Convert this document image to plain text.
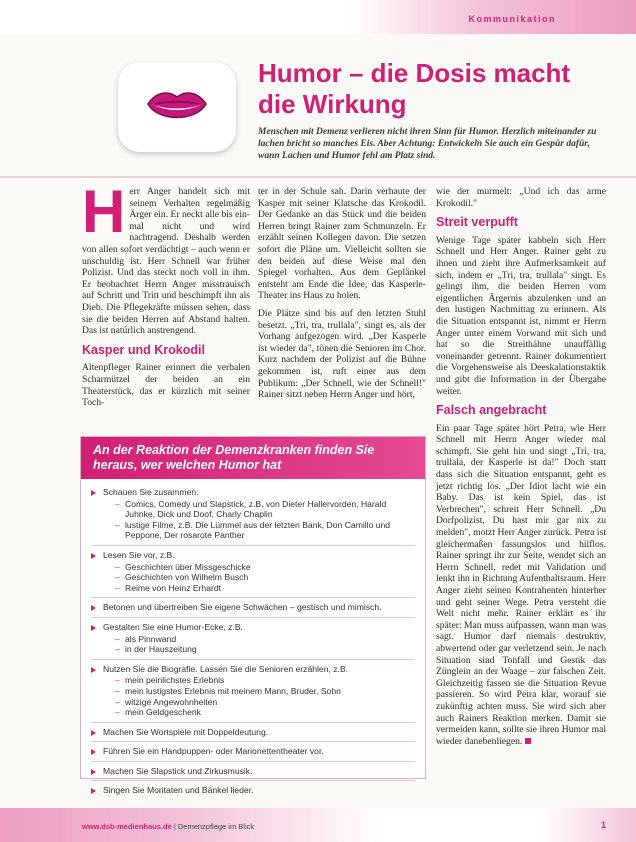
Kommunikation
Humor – die Dosis macht die Wirkung
Menschen mit Demenz verlieren nicht ihren Sinn für Humor. Herzlich miteinander zu lachen bricht so manches Eis. Aber Achtung: Entwickeln Sie auch ein Gespür dafür, wann Lachen und Humor fehl am Platz sind.

Herr Anger handelt sich mit seinem Verhalten regelmäßig Ärger ein. Er neckt alle bis ein- mal nicht und wird nachtragend. Deshalb werden von allen sofort verdächtigt – auch wenn er unschuldig ist. Herr Schnell war früher Polizist. Und das steckt noch voll in ihm. Er beobachtet Herrn Anger misstrauisch auf Schritt und Tritt und beschimpft ihn als Dieb. Die Pflegekräfte müssen sehen, dass sie die beiden Herren auf Abstand halten. Das ist natürlich anstrengend.

Kasper und Krokodil

Altenpfleger Rainer erinnert die verbalen Scharmützel der beiden an ein Theaterstück, das er kürzlich mit seiner Toch-

ter in der Schule sah. Darin verhaute der Kasper mit seiner Klatsche das Krokodil. Der Gedanke an das Stück und die beiden Herren bringt Rainer zum Schmunzeln. Er erzählt seinen Kollegen davon. Die setzen sofort die Pläne um. Vielleicht sollten sie den beiden auf diese Weise mal den Spiegel vorhalten. Aus dem Geplänkel entsteht am Ende die Idee, das Kasperle-Theater ins Haus zu holen.

Die Plätze sind bis auf den letzten Stuhl besetzt. „Tri, tra, trullala", singt es, als der Vorhang aufgezogen wird. „Der Kasperle ist wieder da", tönen die Senioren im Chor. Kurz nachdem der Polizist auf die Bühne gekommen ist, ruft einer aus dem Publikum: „Der Schnell, wie der Schnell!" Rainer sitzt neben Herrn Anger und hört,

wie der murmelt: „Und ich das arme Krokodil."

Streit verpufft

Wenige Tage später kabbeln sich Herr Schnell und Herr Anger. Rainer geht zu ihnen und zieht ihre Aufmerksamkeit auf sich, indem er „Tri, tra, trullala" singt. Es gelingt ihm, die beiden Herren vom eigentlichen Ärgernis abzulenken und an den lustigen Nachmittag zu erinnern. Als die Situation entspannt ist, nimmt er Herrn Anger unter einem Vorwand mit sich und hat so die Streithähne unauffällig voneinander getrennt. Rainer dokumentiert die Vorgehensweise als Deeskalationstaktik und gibt die Information in der Übergabe weiter.

Falsch angebracht

Ein paar Tage später hört Petra, wie Herr Schnell mit Herrn Anger wieder mal schimpft. Sie geht hin und singt „Tri, tra, trullala, der Kasperle ist da!" Doch statt dass sich die Situation entspannt, geht es jetzt richtig los. „Der Idiot lacht wie ein Baby. Das ist kein Spiel, das ist Verbrechen", schreit Herr Schnell. „Du Dorfpolizist, Du hast mir gar nix zu melden", motzt Herr Anger zurück. Petra ist gleichermaßen fassungslos und hilflos. Rainer springt ihr zur Seite, wendet sich an Herrn Schnell, redet mit Validation und lenkt ihn in Richtung Aufenthaltsraum. Herr Anger zieht seinen Kontrahenten hinterher und geht seiner Wege. Petra versteht die Welt nicht mehr. Rainer erklärt es ihr später: Man muss aufpassen, wann man was sagt. Humor darf niemals destruktiv, abwertend oder gar verletzend sein. Je nach Situation sind Tonfall und Gestik das Zünglein an der Waage – zur falschen Zeit. Gleichzeitig fassen sie die Situation Revue passieren. So wird Petra klar, worauf sie zukünftig achten muss. Sie wird sich aber auch Rainers Reaktion merken. Damit sie vermeiden kann, sollte sie ihren Humor mal wieder danebenliegen.

An der Reaktion der Demenzkranken finden Sie heraus, wer welchen Humor hat
Schauen Sie zusammen:
– Comics, Comedy und Slapstick, z.B. von Dieter Hallervorden, Harald Juhnke, Dick und Doof, Charly Chaplin
– lustige Filme, z.B. Die Lümmel aus der letzten Bank, Don Camillo und Peppone, Der rosarote Panther
Lesen Sie vor, z.B.
– Geschichten über Missgeschicke
– Geschichten von Wilhelm Busch
– Reime von Heinz Erhardt
Betonen und übertreiben Sie eigene Schwächen – gestisch und mimisch.
Gestalten Sie eine Humor-Ecke, z.B.
– als Pinnwand
– in der Hauszeitung
Nutzen Sie die Biografie. Lassen Sie die Senioren erzählen, z.B.
– mein peinlichstes Erlebnis
– mein lustigstes Erlebnis mit meinem Mann, Bruder, Sohn
– witzige Angewohnheiten
– mein Geldgeschenk
Machen Sie Wortspiele mit Doppeldeutung.
Führen Sie ein Handpuppen- oder Marionettentheater vor.
Machen Sie Slapstick und Zirkusmusik.
Singen Sie Moritaten und Bänkel lieder.
www.dsb-medienhaus.de | Demenzpflege im Blick	1
